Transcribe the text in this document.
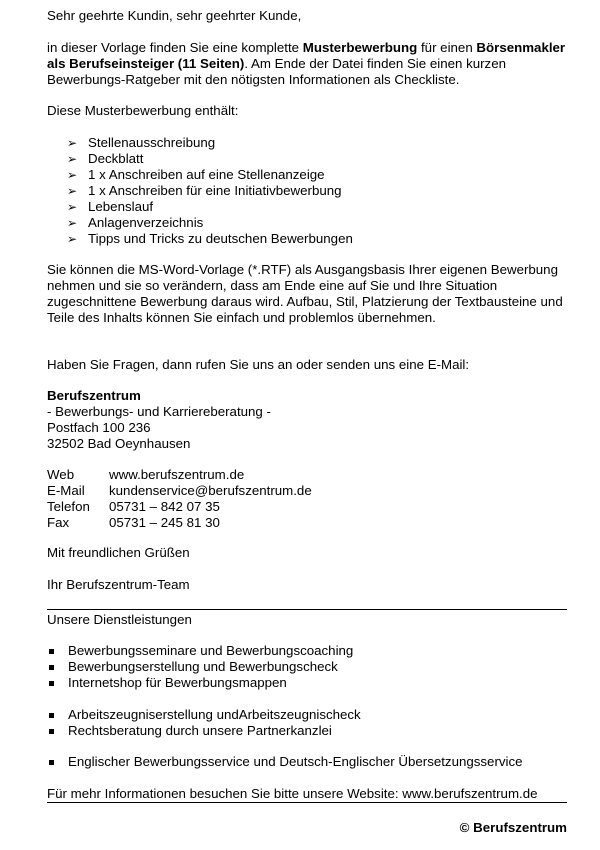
Sehr geehrte Kundin, sehr geehrter Kunde,
in dieser Vorlage finden Sie eine komplette Musterbewerbung für einen Börsenmakler als Berufseinsteiger (11 Seiten). Am Ende der Datei finden Sie einen kurzen Bewerbungs-Ratgeber mit den nötigsten Informationen als Checkliste.
Diese Musterbewerbung enthält:
➢ Stellenausschreibung
➢ Deckblatt
➢ 1 x Anschreiben auf eine Stellenanzeige
➢ 1 x Anschreiben für eine Initiativbewerbung
➢ Lebenslauf
➢ Anlagenverzeichnis
➢ Tipps und Tricks zu deutschen Bewerbungen
Sie können die MS-Word-Vorlage (*.RTF) als Ausgangsbasis Ihrer eigenen Bewerbung nehmen und sie so verändern, dass am Ende eine auf Sie und Ihre Situation zugeschnittene Bewerbung daraus wird. Aufbau, Stil, Platzierung der Textbausteine und Teile des Inhalts können Sie einfach und problemlos übernehmen.
Haben Sie Fragen, dann rufen Sie uns an oder senden uns eine E-Mail:
Berufszentrum
- Bewerbungs- und Karriereberatung -
Postfach 100 236
32502 Bad Oeynhausen
Web	www.berufszentrum.de
E-Mail kundenservice@berufszentrum.de
Telefon 05731 – 842 07 35
Fax	05731 – 245 81 30
Mit freundlichen Grüßen
Ihr Berufszentrum-Team
Unsere Dienstleistungen
Bewerbungsseminare und Bewerbungscoaching
Bewerbungserstellung und Bewerbungscheck
Internetshop für Bewerbungsmappen
Arbeitszeugniserstellung undArbeitszeugnischeck
Rechtsberatung durch unsere Partnerkanzlei
Englischer Bewerbungsservice und Deutsch-Englischer Übersetzungsservice
Für mehr Informationen besuchen Sie bitte unsere Website: www.berufszentrum.de
© Berufszentrum
